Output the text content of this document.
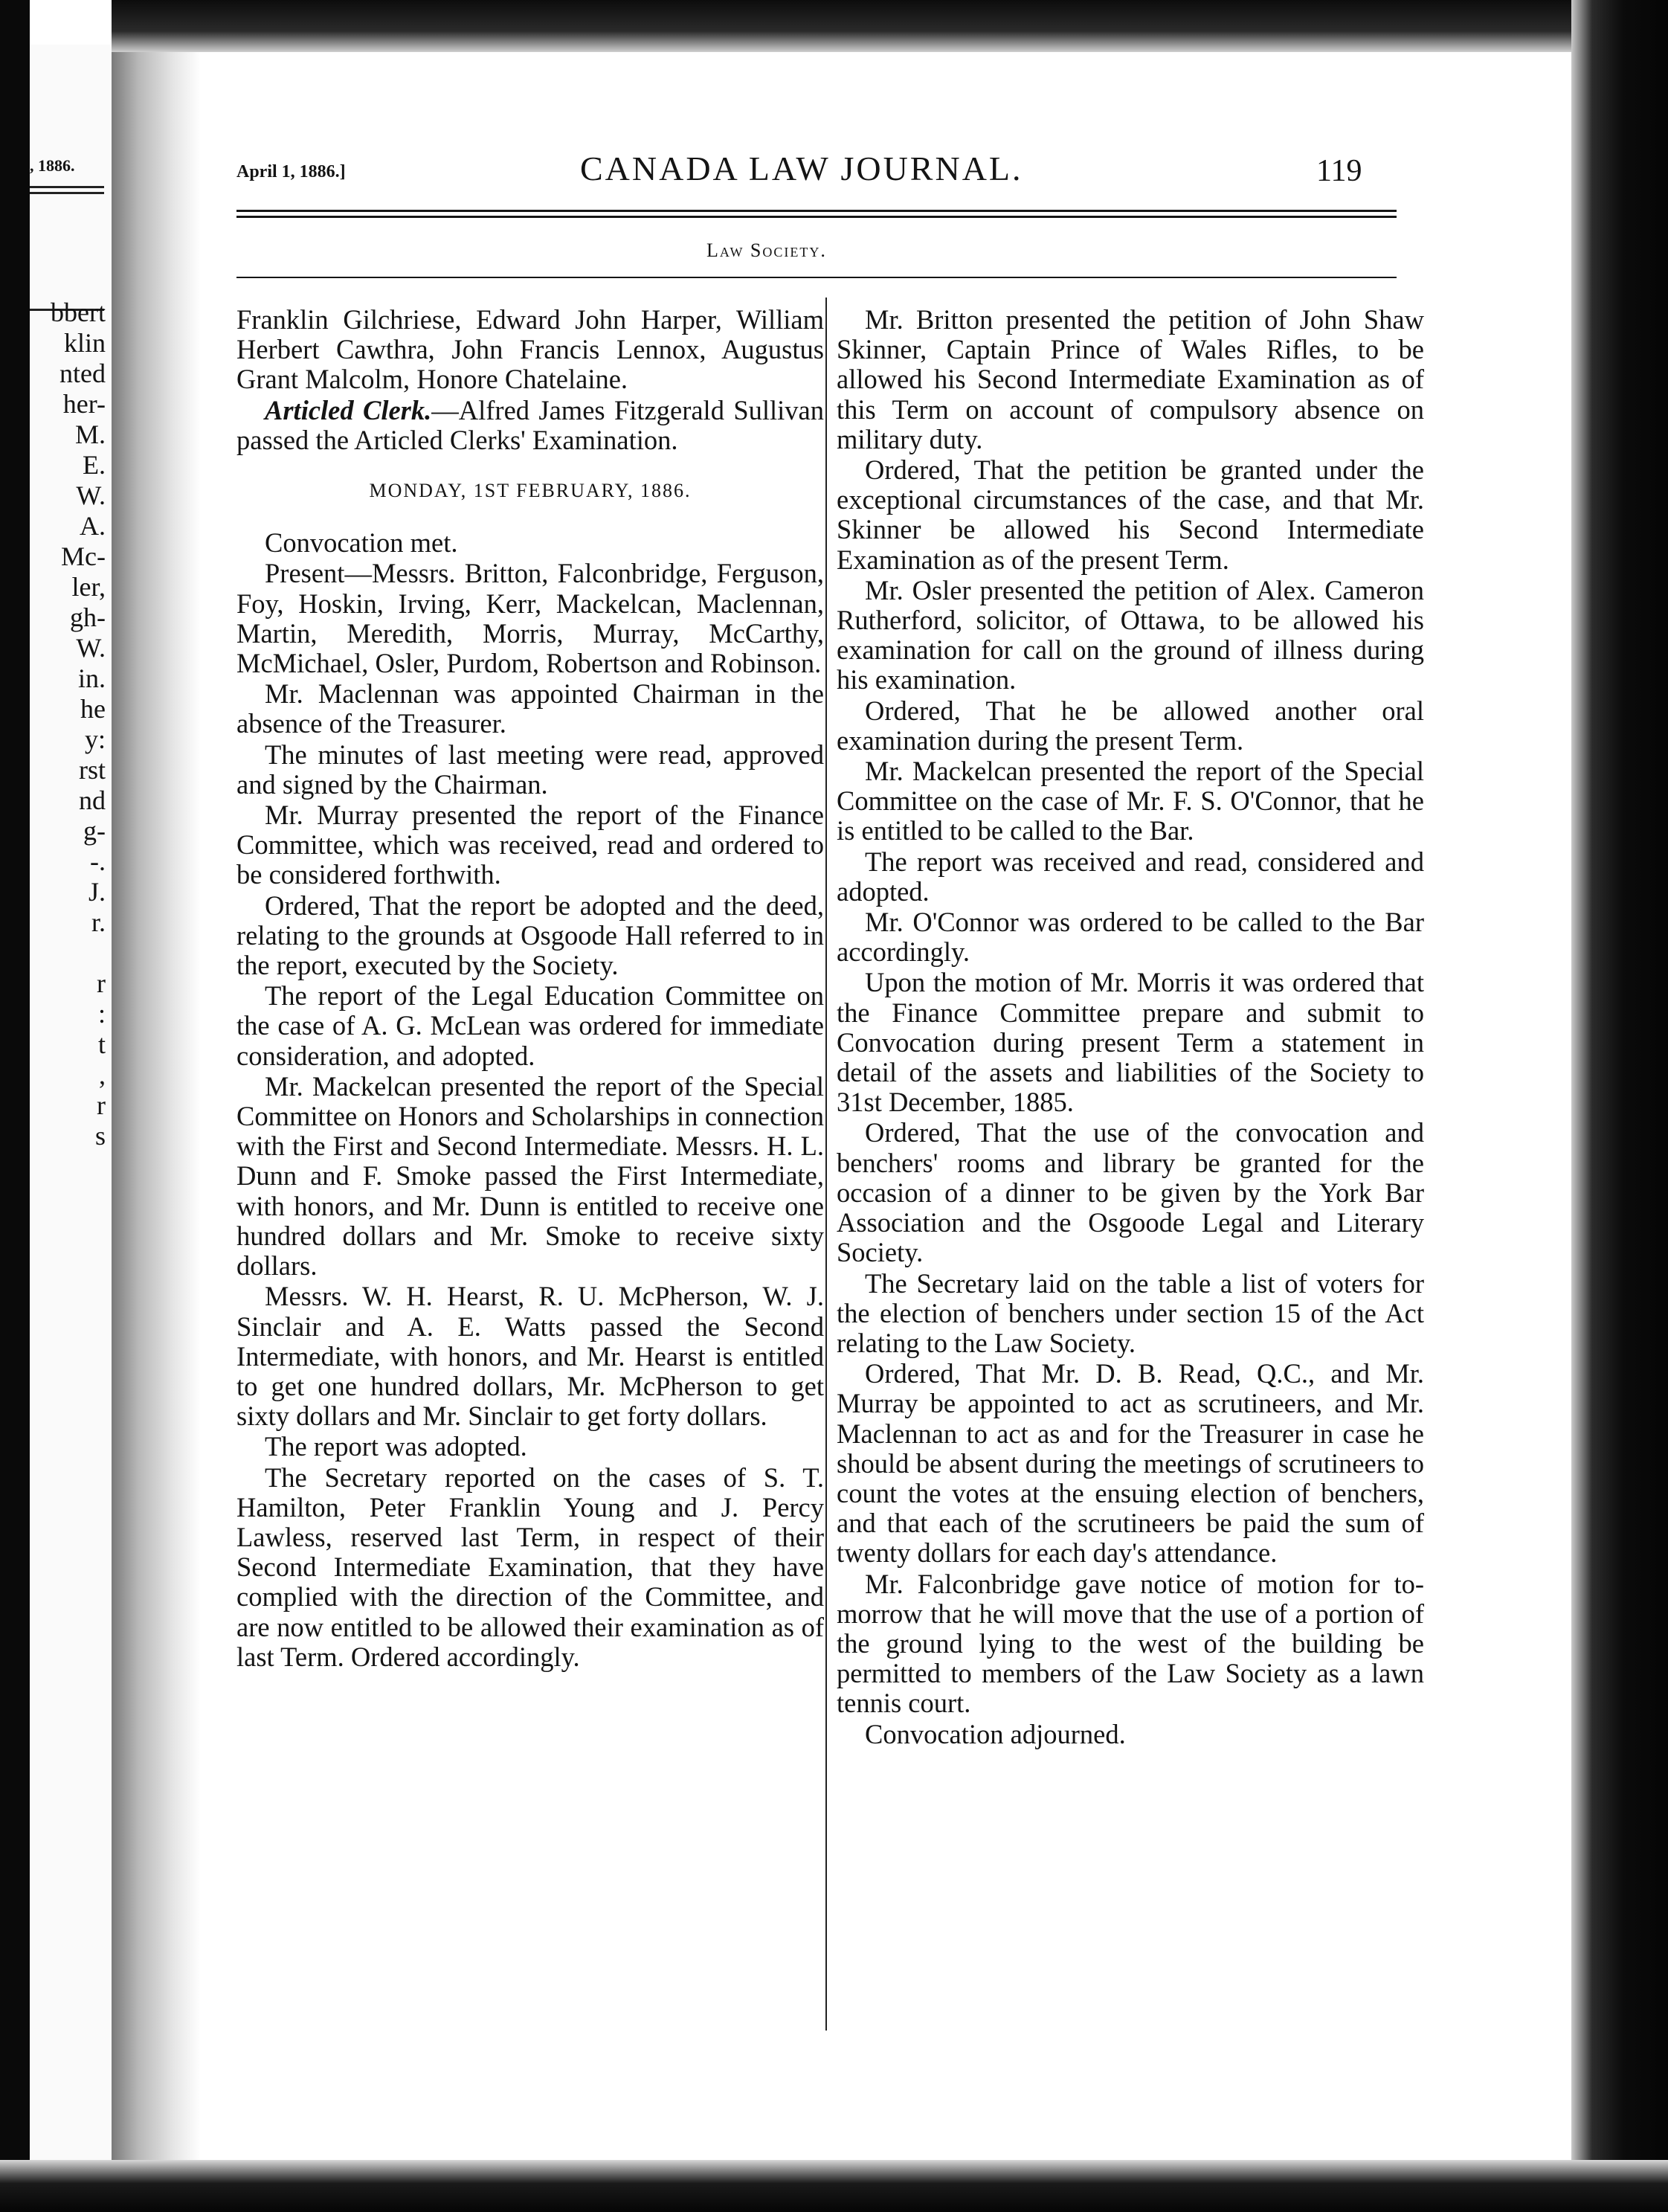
, 1886.
bbert
klin
nted
her-
M.
E.
W.
A.
Mc-
ler,
gh-
W.
in.
he
y:
rst
nd
g-
-.
J.
r.
r
:
t
,
r
s
April 1, 1886.]	CANADA LAW JOURNAL.	119
Law Society.

Franklin Gilchriese, Edward John Harper, William Herbert Cawthra, John Francis Lennox, Augustus Grant Malcolm, Honore Chatelaine.

Articled Clerk.—Alfred James Fitzgerald Sullivan passed the Articled Clerks' Examination.

MONDAY, 1ST FEBRUARY, 1886.

Convocation met.

Present—Messrs. Britton, Falconbridge, Ferguson, Foy, Hoskin, Irving, Kerr, Mackelcan, Maclennan, Martin, Meredith, Morris, Murray, McCarthy, McMichael, Osler, Purdom, Robertson and Robinson.

Mr. Maclennan was appointed Chairman in the absence of the Treasurer.

The minutes of last meeting were read, approved and signed by the Chairman.

Mr. Murray presented the report of the Finance Committee, which was received, read and ordered to be considered forthwith.

Ordered, That the report be adopted and the deed, relating to the grounds at Osgoode Hall referred to in the report, executed by the Society.

The report of the Legal Education Committee on the case of A. G. McLean was ordered for immediate consideration, and adopted.

Mr. Mackelcan presented the report of the Special Committee on Honors and Scholarships in connection with the First and Second Intermediate. Messrs. H. L. Dunn and F. Smoke passed the First Intermediate, with honors, and Mr. Dunn is entitled to receive one hundred dollars and Mr. Smoke to receive sixty dollars.

Messrs. W. H. Hearst, R. U. McPherson, W. J. Sinclair and A. E. Watts passed the Second Intermediate, with honors, and Mr. Hearst is entitled to get one hundred dollars, Mr. McPherson to get sixty dollars and Mr. Sinclair to get forty dollars.

The report was adopted.

The Secretary reported on the cases of S. T. Hamilton, Peter Franklin Young and J. Percy Lawless, reserved last Term, in respect of their Second Intermediate Examination, that they have complied with the direction of the Committee, and are now entitled to be allowed their examination as of last Term. Ordered accordingly.

Mr. Britton presented the petition of John Shaw Skinner, Captain Prince of Wales Rifles, to be allowed his Second Intermediate Examination as of this Term on account of compulsory absence on military duty.

Ordered, That the petition be granted under the exceptional circumstances of the case, and that Mr. Skinner be allowed his Second Intermediate Examination as of the present Term.

Mr. Osler presented the petition of Alex. Cameron Rutherford, solicitor, of Ottawa, to be allowed his examination for call on the ground of illness during his examination.

Ordered, That he be allowed another oral examination during the present Term.

Mr. Mackelcan presented the report of the Special Committee on the case of Mr. F. S. O'Connor, that he is entitled to be called to the Bar.

The report was received and read, considered and adopted.

Mr. O'Connor was ordered to be called to the Bar accordingly.

Upon the motion of Mr. Morris it was ordered that the Finance Committee prepare and submit to Convocation during present Term a statement in detail of the assets and liabilities of the Society to 31st December, 1885.

Ordered, That the use of the convocation and benchers' rooms and library be granted for the occasion of a dinner to be given by the York Bar Association and the Osgoode Legal and Literary Society.

The Secretary laid on the table a list of voters for the election of benchers under section 15 of the Act relating to the Law Society.

Ordered, That Mr. D. B. Read, Q.C., and Mr. Murray be appointed to act as scrutineers, and Mr. Maclennan to act as and for the Treasurer in case he should be absent during the meetings of scrutineers to count the votes at the ensuing election of benchers, and that each of the scrutineers be paid the sum of twenty dollars for each day's attendance.

Mr. Falconbridge gave notice of motion for to-morrow that he will move that the use of a portion of the ground lying to the west of the building be permitted to members of the Law Society as a lawn tennis court.

Convocation adjourned.
